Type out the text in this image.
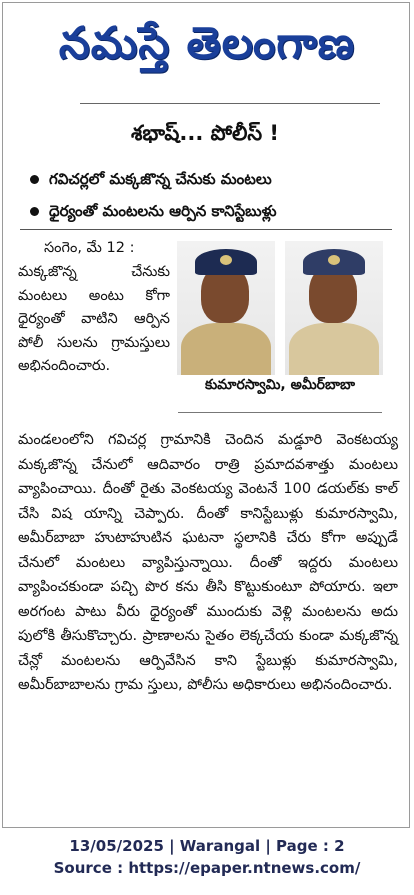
నమస్తే తెలంగాణ
శభాష్... పోలీస్ !
గవిచర్లలో మక్కజొన్న చేనుకు మంటలు
ధైర్యంతో మంటలను ఆర్పిన కానిస్టేబుళ్లు
సంగెం, మే 12 :
మక్కజొన్న చేనుకు మంటలు అంటు కోగా ధైర్యంతో వాటిని ఆర్పిన పోలీ సులను గ్రామస్తులు అభినందించారు.
కుమారస్వామి, అమీర్‌బాబా
మండలంలోని గవిచర్ల గ్రామానికి చెందిన మడ్డూరి వెంకటయ్య మక్కజొన్న చేనులో ఆదివారం రాత్రి ప్రమాదవశాత్తు మంటలు వ్యాపించాయి. దీంతో రైతు వెంకటయ్య వెంటనే 100 డయల్‌కు కాల్ చేసి విష యాన్ని చెప్పారు. దీంతో కానిస్టేబుళ్లు కుమారస్వామి, అమీర్‌బాబా హుటాహుటిన ఘటనా స్థలానికి చేరు కోగా అప్పుడే చేనులో మంటలు వ్యాపిస్తున్నాయి. దీంతో ఇద్దరు మంటలు వ్యాపించకుండా పచ్చి పొర కను తీసి కొట్టుకుంటూ పోయారు. ఇలా అరగంట పాటు వీరు ధైర్యంతో ముందుకు వెళ్లి మంటలను అదు పులోకి తీసుకొచ్చారు. ప్రాణాలను సైతం లెక్కచేయ కుండా మక్కజొన్న చేన్లో మంటలను ఆర్పివేసిన కాని స్టేబుళ్లు కుమారస్వామి, అమీర్‌బాబాలను గ్రామ స్తులు, పోలీసు అధికారులు అభినందించారు.
13/05/2025 | Warangal | Page : 2
Source : https://epaper.ntnews.com/
